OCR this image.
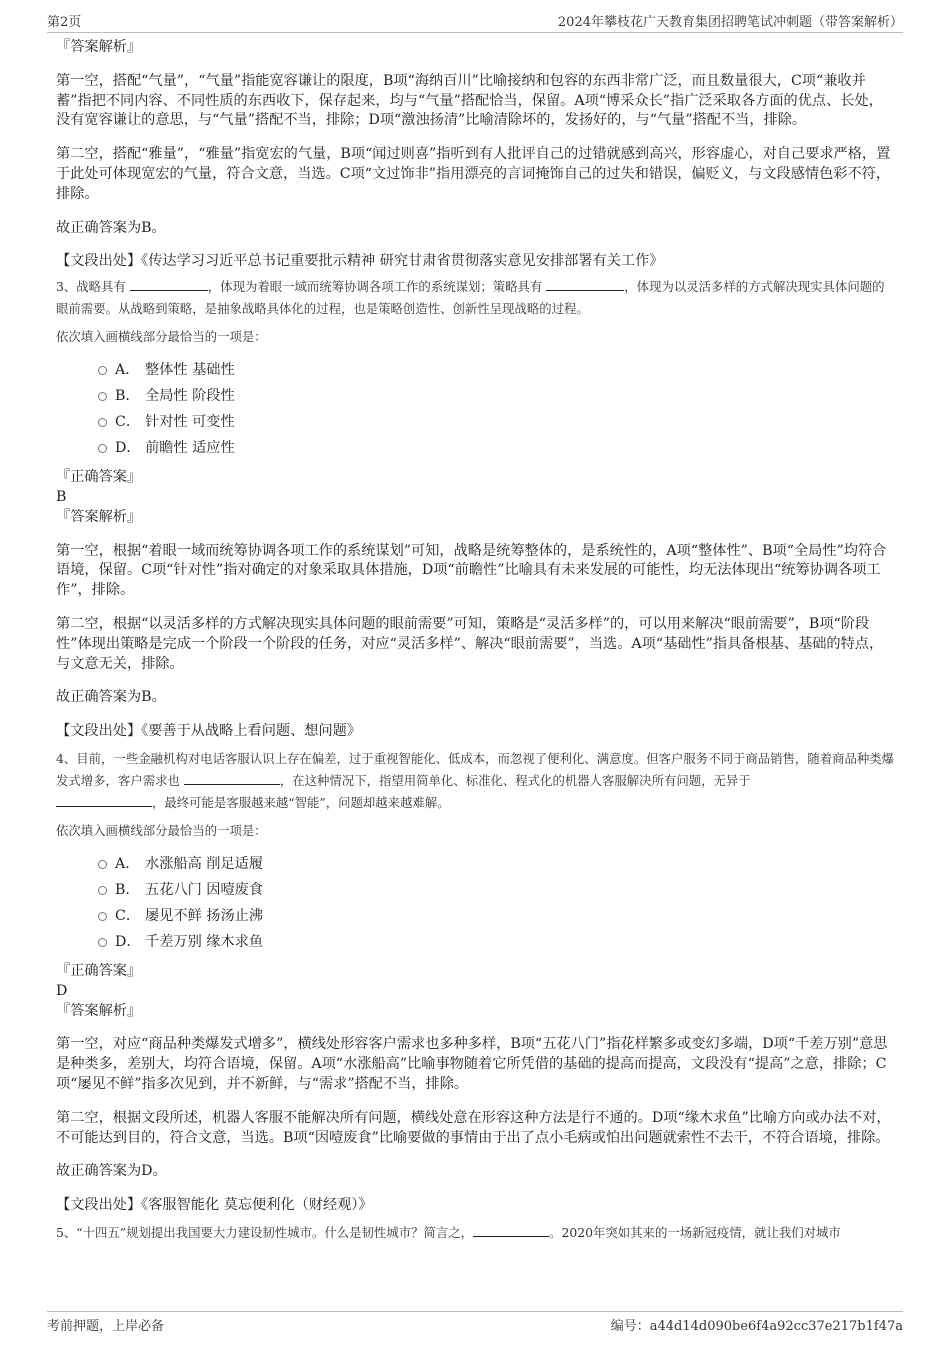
第2页	2024年攀枝花广天教育集团招聘笔试冲刺题（带答案解析）

『答案解析』

第一空，搭配“气量”，“气量”指能宽容谦让的限度，B项“海纳百川”比喻接纳和包容的东西非常广泛，而且数量很大，C项“兼收并蓄”指把不同内容、不同性质的东西收下，保存起来，均与“气量”搭配恰当，保留。A项“博采众长”指广泛采取各方面的优点、长处，没有宽容谦让的意思，与“气量”搭配不当，排除；D项“激浊扬清”比喻清除坏的，发扬好的，与“气量”搭配不当，排除。

第二空，搭配“雅量”，“雅量”指宽宏的气量，B项“闻过则喜”指听到有人批评自己的过错就感到高兴，形容虚心，对自己要求严格，置于此处可体现宽宏的气量，符合文意，当选。C项“文过饰非”指用漂亮的言词掩饰自己的过失和错误，偏贬义，与文段感情色彩不符，排除。

故正确答案为B。

【文段出处】《传达学习习近平总书记重要批示精神 研究甘肃省贯彻落实意见安排部署有关工作》

3、战略具有	，体现为着眼一域而统筹协调各项工作的系统谋划；策略具有	，体现为以灵活多样的方式解决现实具体问题的眼前需要。从战略到策略，是抽象战略具体化的过程，也是策略创造性、创新性呈现战略的过程。

依次填入画横线部分最恰当的一项是：

A． 整体性 基础性
B． 全局性 阶段性
C． 针对性 可变性
D． 前瞻性 适应性

『正确答案』

B

『答案解析』

第一空，根据“着眼一域而统筹协调各项工作的系统谋划”可知，战略是统筹整体的，是系统性的，A项“整体性”、B项“全局性”均符合语境，保留。C项“针对性”指对确定的对象采取具体措施，D项“前瞻性”比喻具有未来发展的可能性，均无法体现出“统筹协调各项工作”，排除。

第二空，根据“以灵活多样的方式解决现实具体问题的眼前需要”可知，策略是“灵活多样”的，可以用来解决“眼前需要”，B项“阶段性”体现出策略是完成一个阶段一个阶段的任务，对应“灵活多样”、解决“眼前需要”，当选。A项“基础性”指具备根基、基础的特点，与文意无关，排除。

故正确答案为B。

【文段出处】《要善于从战略上看问题、想问题》

4、目前，一些金融机构对电话客服认识上存在偏差，过于重视智能化、低成本，而忽视了便利化、满意度。但客户服务不同于商品销售，随着商品种类爆发式增多，客户需求也	，在这种情况下，指望用简单化、标准化、程式化的机器人客服解决所有问题，无异于
，最终可能是客服越来越“智能”，问题却越来越难解。

依次填入画横线部分最恰当的一项是：

A． 水涨船高 削足适履
B． 五花八门 因噎废食
C． 屡见不鲜 扬汤止沸
D． 千差万别 缘木求鱼

『正确答案』

D

『答案解析』

第一空，对应“商品种类爆发式增多”，横线处形容客户需求也多种多样，B项“五花八门”指花样繁多或变幻多端，D项“千差万别”意思是种类多，差别大，均符合语境，保留。A项“水涨船高”比喻事物随着它所凭借的基础的提高而提高，文段没有“提高”之意，排除；C项“屡见不鲜”指多次见到，并不新鲜，与“需求”搭配不当，排除。

第二空，根据文段所述，机器人客服不能解决所有问题，横线处意在形容这种方法是行不通的。D项“缘木求鱼”比喻方向或办法不对，不可能达到目的，符合文意，当选。B项“因噎废食”比喻要做的事情由于出了点小毛病或怕出问题就索性不去干，不符合语境，排除。

故正确答案为D。

【文段出处】《客服智能化 莫忘便利化（财经观）》

5、“十四五”规划提出我国要大力建设韧性城市。什么是韧性城市？简言之，	。2020年突如其来的一场新冠疫情，就让我们对城市

考前押题，上岸必备	编号：a44d14d090be6f4a92cc37e217b1f47a
